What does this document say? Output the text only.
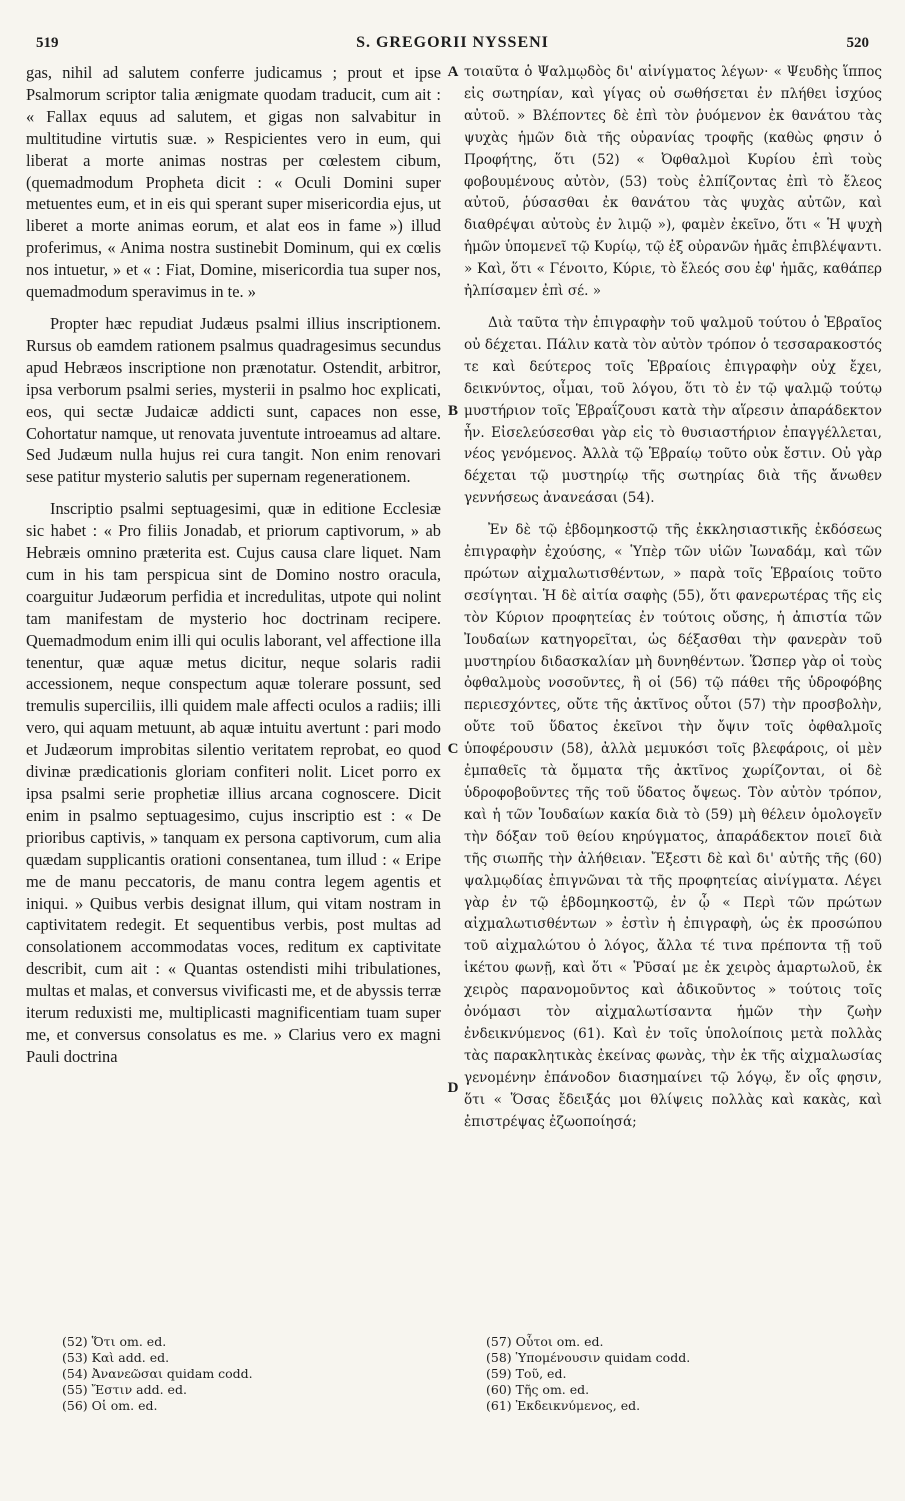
519	S. GREGORII NYSSENI	520

gas, nihil ad salutem conferre judicamus ; prout et ipse Psalmorum scriptor talia ænigmate quodam traducit, cum ait : « Fallax equus ad salutem, et gigas non salvabitur in multitudine virtutis suæ. » Respicientes vero in eum, qui liberat a morte animas nostras per cœlestem cibum, (quemadmodum Propheta dicit : « Oculi Domini super metuentes eum, et in eis qui sperant super misericordia ejus, ut liberet a morte animas eorum, et alat eos in fame ») illud proferimus, « Anima nostra sustinebit Dominum, qui ex cœlis nos intuetur, » et « : Fiat, Domine, misericordia tua super nos, quemadmodum speravimus in te. »

Propter hæc repudiat Judæus psalmi illius inscriptionem. Rursus ob eamdem rationem psalmus quadragesimus secundus apud Hebræos inscriptione non prænotatur. Ostendit, arbitror, ipsa verborum psalmi series, mysterii in psalmo hoc explicati, eos, qui sectæ Judaicæ addicti sunt, capaces non esse, Cohortatur namque, ut renovata juventute introeamus ad altare. Sed Judæum nulla hujus rei cura tangit. Non enim renovari sese patitur mysterio salutis per supernam regenerationem.

Inscriptio psalmi septuagesimi, quæ in editione Ecclesiæ sic habet : « Pro filiis Jonadab, et priorum captivorum, » ab Hebræis omnino præterita est. Cujus causa clare liquet. Nam cum in his tam perspicua sint de Domino nostro oracula, coarguitur Judæorum perfidia et incredulitas, utpote qui nolint tam manifestam de mysterio hoc doctrinam recipere. Quemadmodum enim illi qui oculis laborant, vel affectione illa tenentur, quæ aquæ metus dicitur, neque solaris radii accessionem, neque conspectum aquæ tolerare possunt, sed tremulis superciliis, illi quidem male affecti oculos a radiis; illi vero, qui aquam metuunt, ab aquæ intuitu avertunt : pari modo et Judæorum improbitas silentio veritatem reprobat, eo quod divinæ prædicationis gloriam confiteri nolit. Licet porro ex ipsa psalmi serie prophetiæ illius arcana cognoscere. Dicit enim in psalmo septuagesimo, cujus inscriptio est : « De prioribus captivis, » tanquam ex persona captivorum, cum alia quædam supplicantis orationi consentanea, tum illud : « Eripe me de manu peccatoris, de manu contra legem agentis et iniqui. » Quibus verbis designat illum, qui vitam nostram in captivitatem redegit. Et sequentibus verbis, post multas ad consolationem accommodatas voces, reditum ex captivitate describit, cum ait : « Quantas ostendisti mihi tribulationes, multas et malas, et conversus vivificasti me, et de abyssis terræ iterum reduxisti me, multiplicasti magnificentiam tuam super me, et conversus consolatus es me. » Clarius vero ex magni Pauli doctrina

A
B
C
D

τοιαῦτα ὁ Ψαλμῳδὸς δι' αἰνίγματος λέγων· « Ψευδὴς ἵππος εἰς σωτηρίαν, καὶ γίγας οὐ σωθήσεται ἐν πλήθει ἰσχύος αὐτοῦ. » Βλέποντες δὲ ἐπὶ τὸν ῥυόμενον ἐκ θανάτου τὰς ψυχὰς ἡμῶν διὰ τῆς οὐρανίας τροφῆς (καθὼς φησιν ὁ Προφήτης, ὅτι (52) « Ὀφθαλμοὶ Κυρίου ἐπὶ τοὺς φοβουμένους αὐτὸν, (53) τοὺς ἐλπίζοντας ἐπὶ τὸ ἔλεος αὐτοῦ, ῥύσασθαι ἐκ θανάτου τὰς ψυχὰς αὐτῶν, καὶ διαθρέψαι αὐτοὺς ἐν λιμῷ »), φαμὲν ἐκεῖνο, ὅτι « Ἡ ψυχὴ ἡμῶν ὑπομενεῖ τῷ Κυρίῳ, τῷ ἐξ οὐρανῶν ἡμᾶς ἐπιβλέψαντι. » Καὶ, ὅτι « Γένοιτο, Κύριε, τὸ ἔλεός σου ἐφ' ἡμᾶς, καθάπερ ἠλπίσαμεν ἐπὶ σέ. »

Διὰ ταῦτα τὴν ἐπιγραφὴν τοῦ ψαλμοῦ τούτου ὁ Ἑβραῖος οὐ δέχεται. Πάλιν κατὰ τὸν αὐτὸν τρόπον ὁ τεσσαρακοστός τε καὶ δεύτερος τοῖς Ἑβραίοις ἐπιγραφὴν οὐχ ἔχει, δεικνύντος, οἶμαι, τοῦ λόγου, ὅτι τὸ ἐν τῷ ψαλμῷ τούτῳ μυστήριον τοῖς Ἑβραΐζουσι κατὰ τὴν αἵρεσιν ἀπαράδεκτον ἦν. Εἰσελεύσεσθαι γὰρ εἰς τὸ θυσιαστήριον ἐπαγγέλλεται, νέος γενόμενος. Ἀλλὰ τῷ Ἑβραίῳ τοῦτο οὐκ ἔστιν. Οὐ γὰρ δέχεται τῷ μυστηρίῳ τῆς σωτηρίας διὰ τῆς ἄνωθεν γεννήσεως ἀνανεάσαι (54).

Ἐν δὲ τῷ ἑβδομηκοστῷ τῆς ἐκκλησιαστικῆς ἐκδόσεως ἐπιγραφὴν ἐχούσης, « Ὑπὲρ τῶν υἱῶν Ἰωναδάμ, καὶ τῶν πρώτων αἰχμαλωτισθέντων, » παρὰ τοῖς Ἑβραίοις τοῦτο σεσίγηται. Ἡ δὲ αἰτία σαφὴς (55), ὅτι φανερωτέρας τῆς εἰς τὸν Κύριον προφητείας ἐν τούτοις οὔσης, ἡ ἀπιστία τῶν Ἰουδαίων κατηγορεῖται, ὡς δέξασθαι τὴν φανερὰν τοῦ μυστηρίου διδασκαλίαν μὴ δυνηθέντων. Ὥσπερ γὰρ οἱ τοὺς ὀφθαλμοὺς νοσοῦντες, ἢ οἱ (56) τῷ πάθει τῆς ὑδροφόβης περιεσχόντες, οὔτε τῆς ἀκτῖνος οὗτοι (57) τὴν προσβολὴν, οὔτε τοῦ ὕδατος ἐκεῖνοι τὴν ὄψιν τοῖς ὀφθαλμοῖς ὑποφέρουσιν (58), ἀλλὰ μεμυκόσι τοῖς βλεφάροις, οἱ μὲν ἐμπαθεῖς τὰ ὄμματα τῆς ἀκτῖνος χωρίζονται, οἱ δὲ ὑδροφοβοῦντες τῆς τοῦ ὕδατος ὄψεως. Τὸν αὐτὸν τρόπον, καὶ ἡ τῶν Ἰουδαίων κακία διὰ τὸ (59) μὴ θέλειν ὁμολογεῖν τὴν δόξαν τοῦ θείου κηρύγματος, ἀπαράδεκτον ποιεῖ διὰ τῆς σιωπῆς τὴν ἀλήθειαν. Ἔξεστι δὲ καὶ δι' αὐτῆς τῆς (60) ψαλμῳδίας ἐπιγνῶναι τὰ τῆς προφητείας αἰνίγματα. Λέγει γὰρ ἐν τῷ ἑβδομηκοστῷ, ἐν ᾧ « Περὶ τῶν πρώτων αἰχμαλωτισθέντων » ἐστὶν ἡ ἐπιγραφὴ, ὡς ἐκ προσώπου τοῦ αἰχμαλώτου ὁ λόγος, ἄλλα τέ τινα πρέποντα τῇ τοῦ ἱκέτου φωνῇ, καὶ ὅτι « Ῥῦσαί με ἐκ χειρὸς ἁμαρτωλοῦ, ἐκ χειρὸς παρανομοῦντος καὶ ἀδικοῦντος » τούτοις τοῖς ὀνόμασι τὸν αἰχμαλωτίσαντα ἡμῶν τὴν ζωὴν ἐνδεικνύμενος (61). Καὶ ἐν τοῖς ὑπολοίποις μετὰ πολλὰς τὰς παρακλητικὰς ἐκείνας φωνὰς, τὴν ἐκ τῆς αἰχμαλωσίας γενομένην ἐπάνοδον διασημαίνει τῷ λόγῳ, ἔν οἷς φησιν, ὅτι « Ὅσας ἔδειξάς μοι θλίψεις πολλὰς καὶ κακὰς, καὶ ἐπιστρέψας ἐζωοποίησά;

(52) Ὅτι om. ed.
(53) Καὶ add. ed.
(54) Ἀνανεῶσαι quidam codd.
(55) Ἔστιν add. ed.
(56) Οἱ om. ed.
(57) Οὗτοι om. ed.
(58) Ὑπομένουσιν quidam codd.
(59) Τοῦ, ed.
(60) Τῆς om. ed.
(61) Ἐκδεικνύμενος, ed.
